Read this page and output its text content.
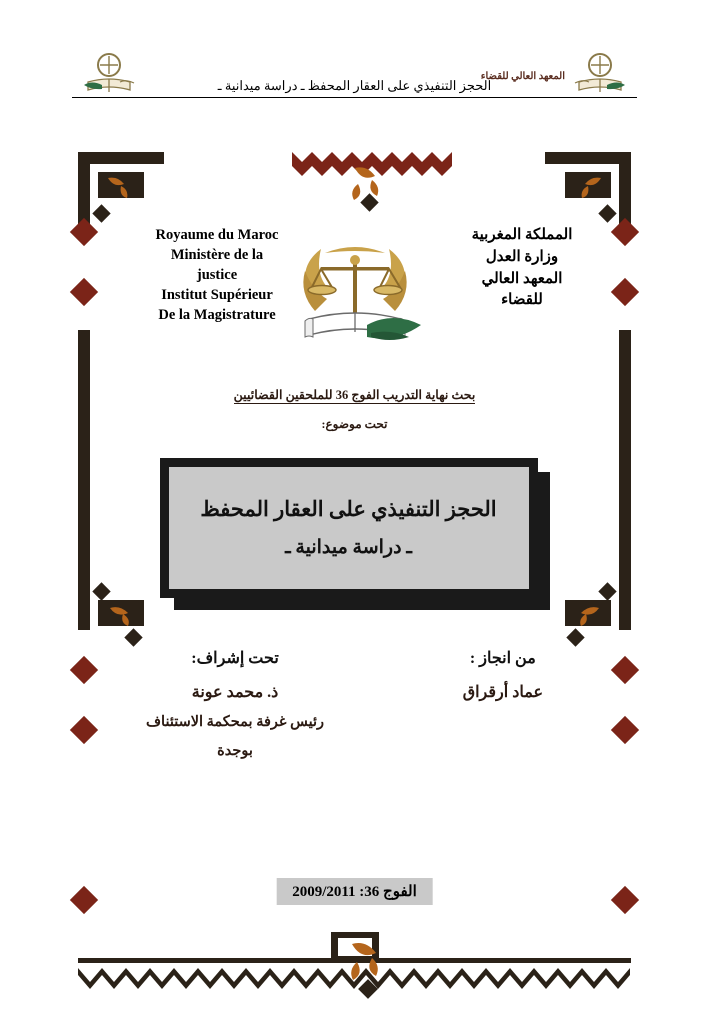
الحجز التنفيذي على العقار المحفظ ـ دراسة ميدانية ـ
المعهد العالي للقضاء
Royaume du Maroc
Ministère de la
justice
Institut Supérieur
De la Magistrature
المملكة المغربية
وزارة العدل
المعهد العالي
للقضاء
بحث نهاية التدريب الفوج 36 للملحقين القضائيين
تحت موضوع:
الحجز التنفيذي على العقار المحفظ
ـ دراسة ميدانية ـ
من انجاز :
عماد أرقراق
تحت إشراف:
ذ. محمد عونة
رئيس غرفة بمحكمة الاستئناف
بوجدة
الفوج 36: 2009/2011
